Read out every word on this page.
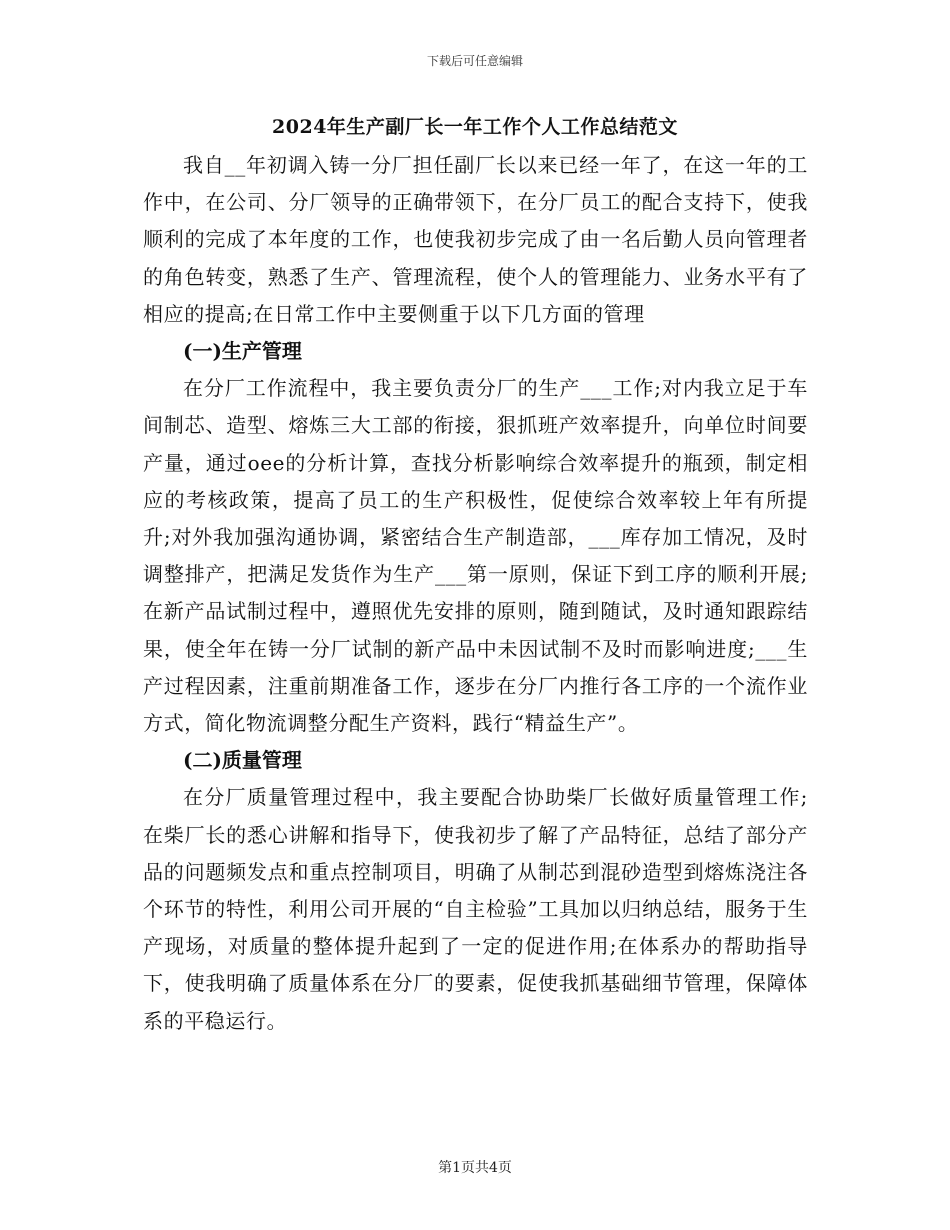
下载后可任意编辑
2024年生产副厂长一年工作个人工作总结范文

我自__年初调入铸一分厂担任副厂长以来已经一年了，在这一年的工作中，在公司、分厂领导的正确带领下，在分厂员工的配合支持下，使我顺利的完成了本年度的工作，也使我初步完成了由一名后勤人员向管理者的角色转变，熟悉了生产、管理流程，使个人的管理能力、业务水平有了相应的提高;在日常工作中主要侧重于以下几方面的管理

(一)生产管理

在分厂工作流程中，我主要负责分厂的生产___工作;对内我立足于车间制芯、造型、熔炼三大工部的衔接，狠抓班产效率提升，向单位时间要产量，通过oee的分析计算，查找分析影响综合效率提升的瓶颈，制定相应的考核政策，提高了员工的生产积极性，促使综合效率较上年有所提升;对外我加强沟通协调，紧密结合生产制造部，___库存加工情况，及时调整排产，把满足发货作为生产___第一原则，保证下到工序的顺利开展;在新产品试制过程中，遵照优先安排的原则，随到随试，及时通知跟踪结果，使全年在铸一分厂试制的新产品中未因试制不及时而影响进度;___生产过程因素，注重前期准备工作，逐步在分厂内推行各工序的一个流作业方式，简化物流调整分配生产资料，践行“精益生产”。

(二)质量管理

在分厂质量管理过程中，我主要配合协助柴厂长做好质量管理工作;在柴厂长的悉心讲解和指导下，使我初步了解了产品特征，总结了部分产品的问题频发点和重点控制项目，明确了从制芯到混砂造型到熔炼浇注各个环节的特性，利用公司开展的“自主检验”工具加以归纳总结，服务于生产现场，对质量的整体提升起到了一定的促进作用;在体系办的帮助指导下，使我明确了质量体系在分厂的要素，促使我抓基础细节管理，保障体系的平稳运行。

第1页共4页
